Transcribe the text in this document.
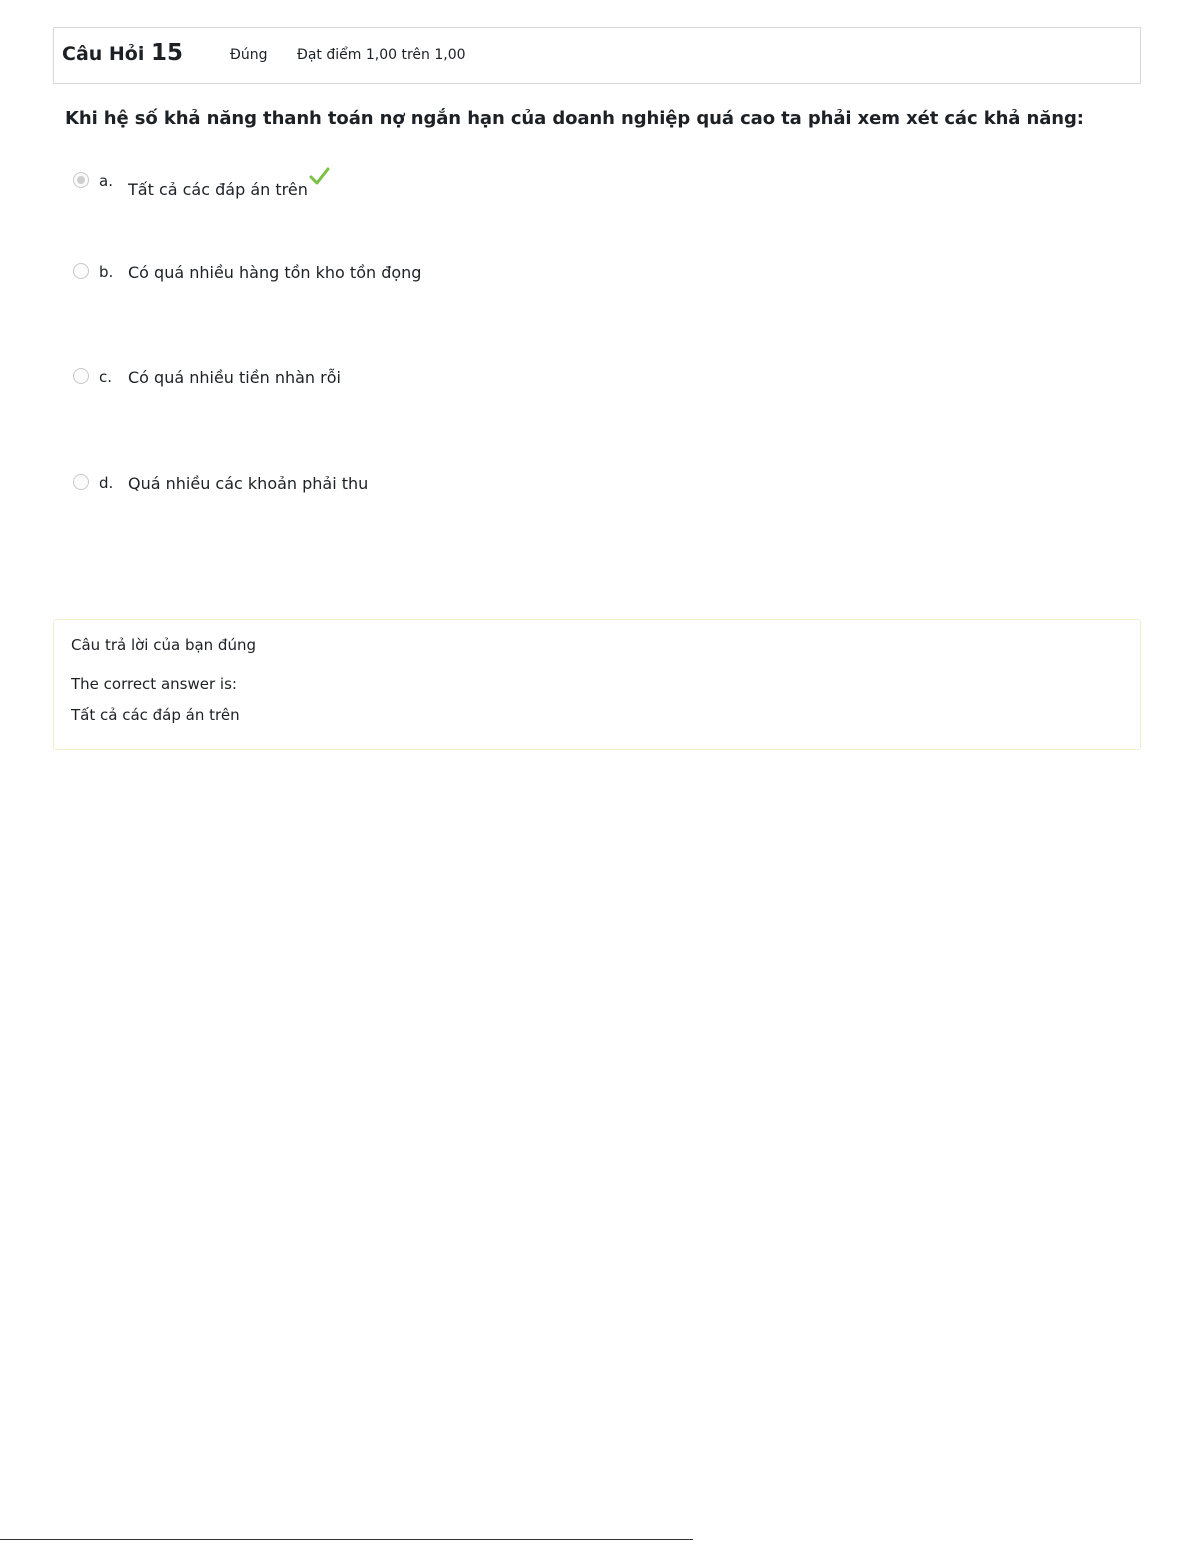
Câu Hỏi 15	Đúng Đạt điểm 1,00 trên 1,00
Khi hệ số khả năng thanh toán nợ ngắn hạn của doanh nghiệp quá cao ta phải xem xét các khả năng:
a. Tất cả các đáp án trên
b. Có quá nhiều hàng tồn kho tồn đọng
c. Có quá nhiều tiền nhàn rỗi
d. Quá nhiều các khoản phải thu
Câu trả lời của bạn đúng
The correct answer is:
Tất cả các đáp án trên
